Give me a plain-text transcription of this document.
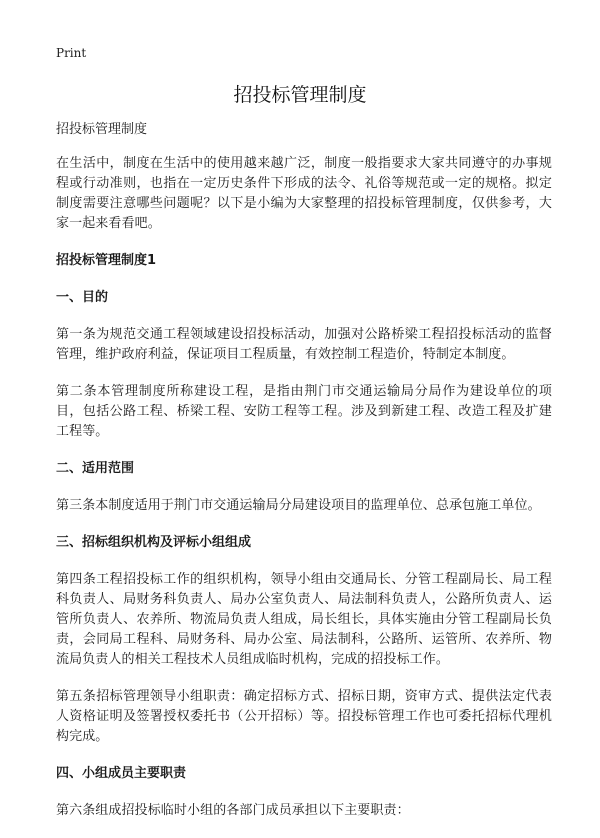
Print
招投标管理制度
招投标管理制度

在生活中，制度在生活中的使用越来越广泛，制度一般指要求大家共同遵守的办事规程或行动准则，也指在一定历史条件下形成的法令、礼俗等规范或一定的规格。拟定制度需要注意哪些问题呢？以下是小编为大家整理的招投标管理制度，仅供参考，大家一起来看看吧。

招投标管理制度1
一、目的

第一条为规范交通工程领域建设招投标活动，加强对公路桥梁工程招投标活动的监督管理，维护政府利益，保证项目工程质量，有效控制工程造价，特制定本制度。

第二条本管理制度所称建设工程，是指由荆门市交通运输局分局作为建设单位的项目，包括公路工程、桥梁工程、安防工程等工程。涉及到新建工程、改造工程及扩建工程等。

二、适用范围

第三条本制度适用于荆门市交通运输局分局建设项目的监理单位、总承包施工单位。

三、招标组织机构及评标小组组成

第四条工程招投标工作的组织机构，领导小组由交通局长、分管工程副局长、局工程科负责人、局财务科负责人、局办公室负责人、局法制科负责人，公路所负责人、运管所负责人、农养所、物流局负责人组成，局长组长，具体实施由分管工程副局长负责，会同局工程科、局财务科、局办公室、局法制科，公路所、运管所、农养所、物流局负责人的相关工程技术人员组成临时机构，完成的招投标工作。

第五条招标管理领导小组职责：确定招标方式、招标日期，资审方式、提供法定代表人资格证明及签署授权委托书（公开招标）等。招投标管理工作也可委托招标代理机构完成。

四、小组成员主要职责

第六条组成招投标临时小组的各部门成员承担以下主要职责：
